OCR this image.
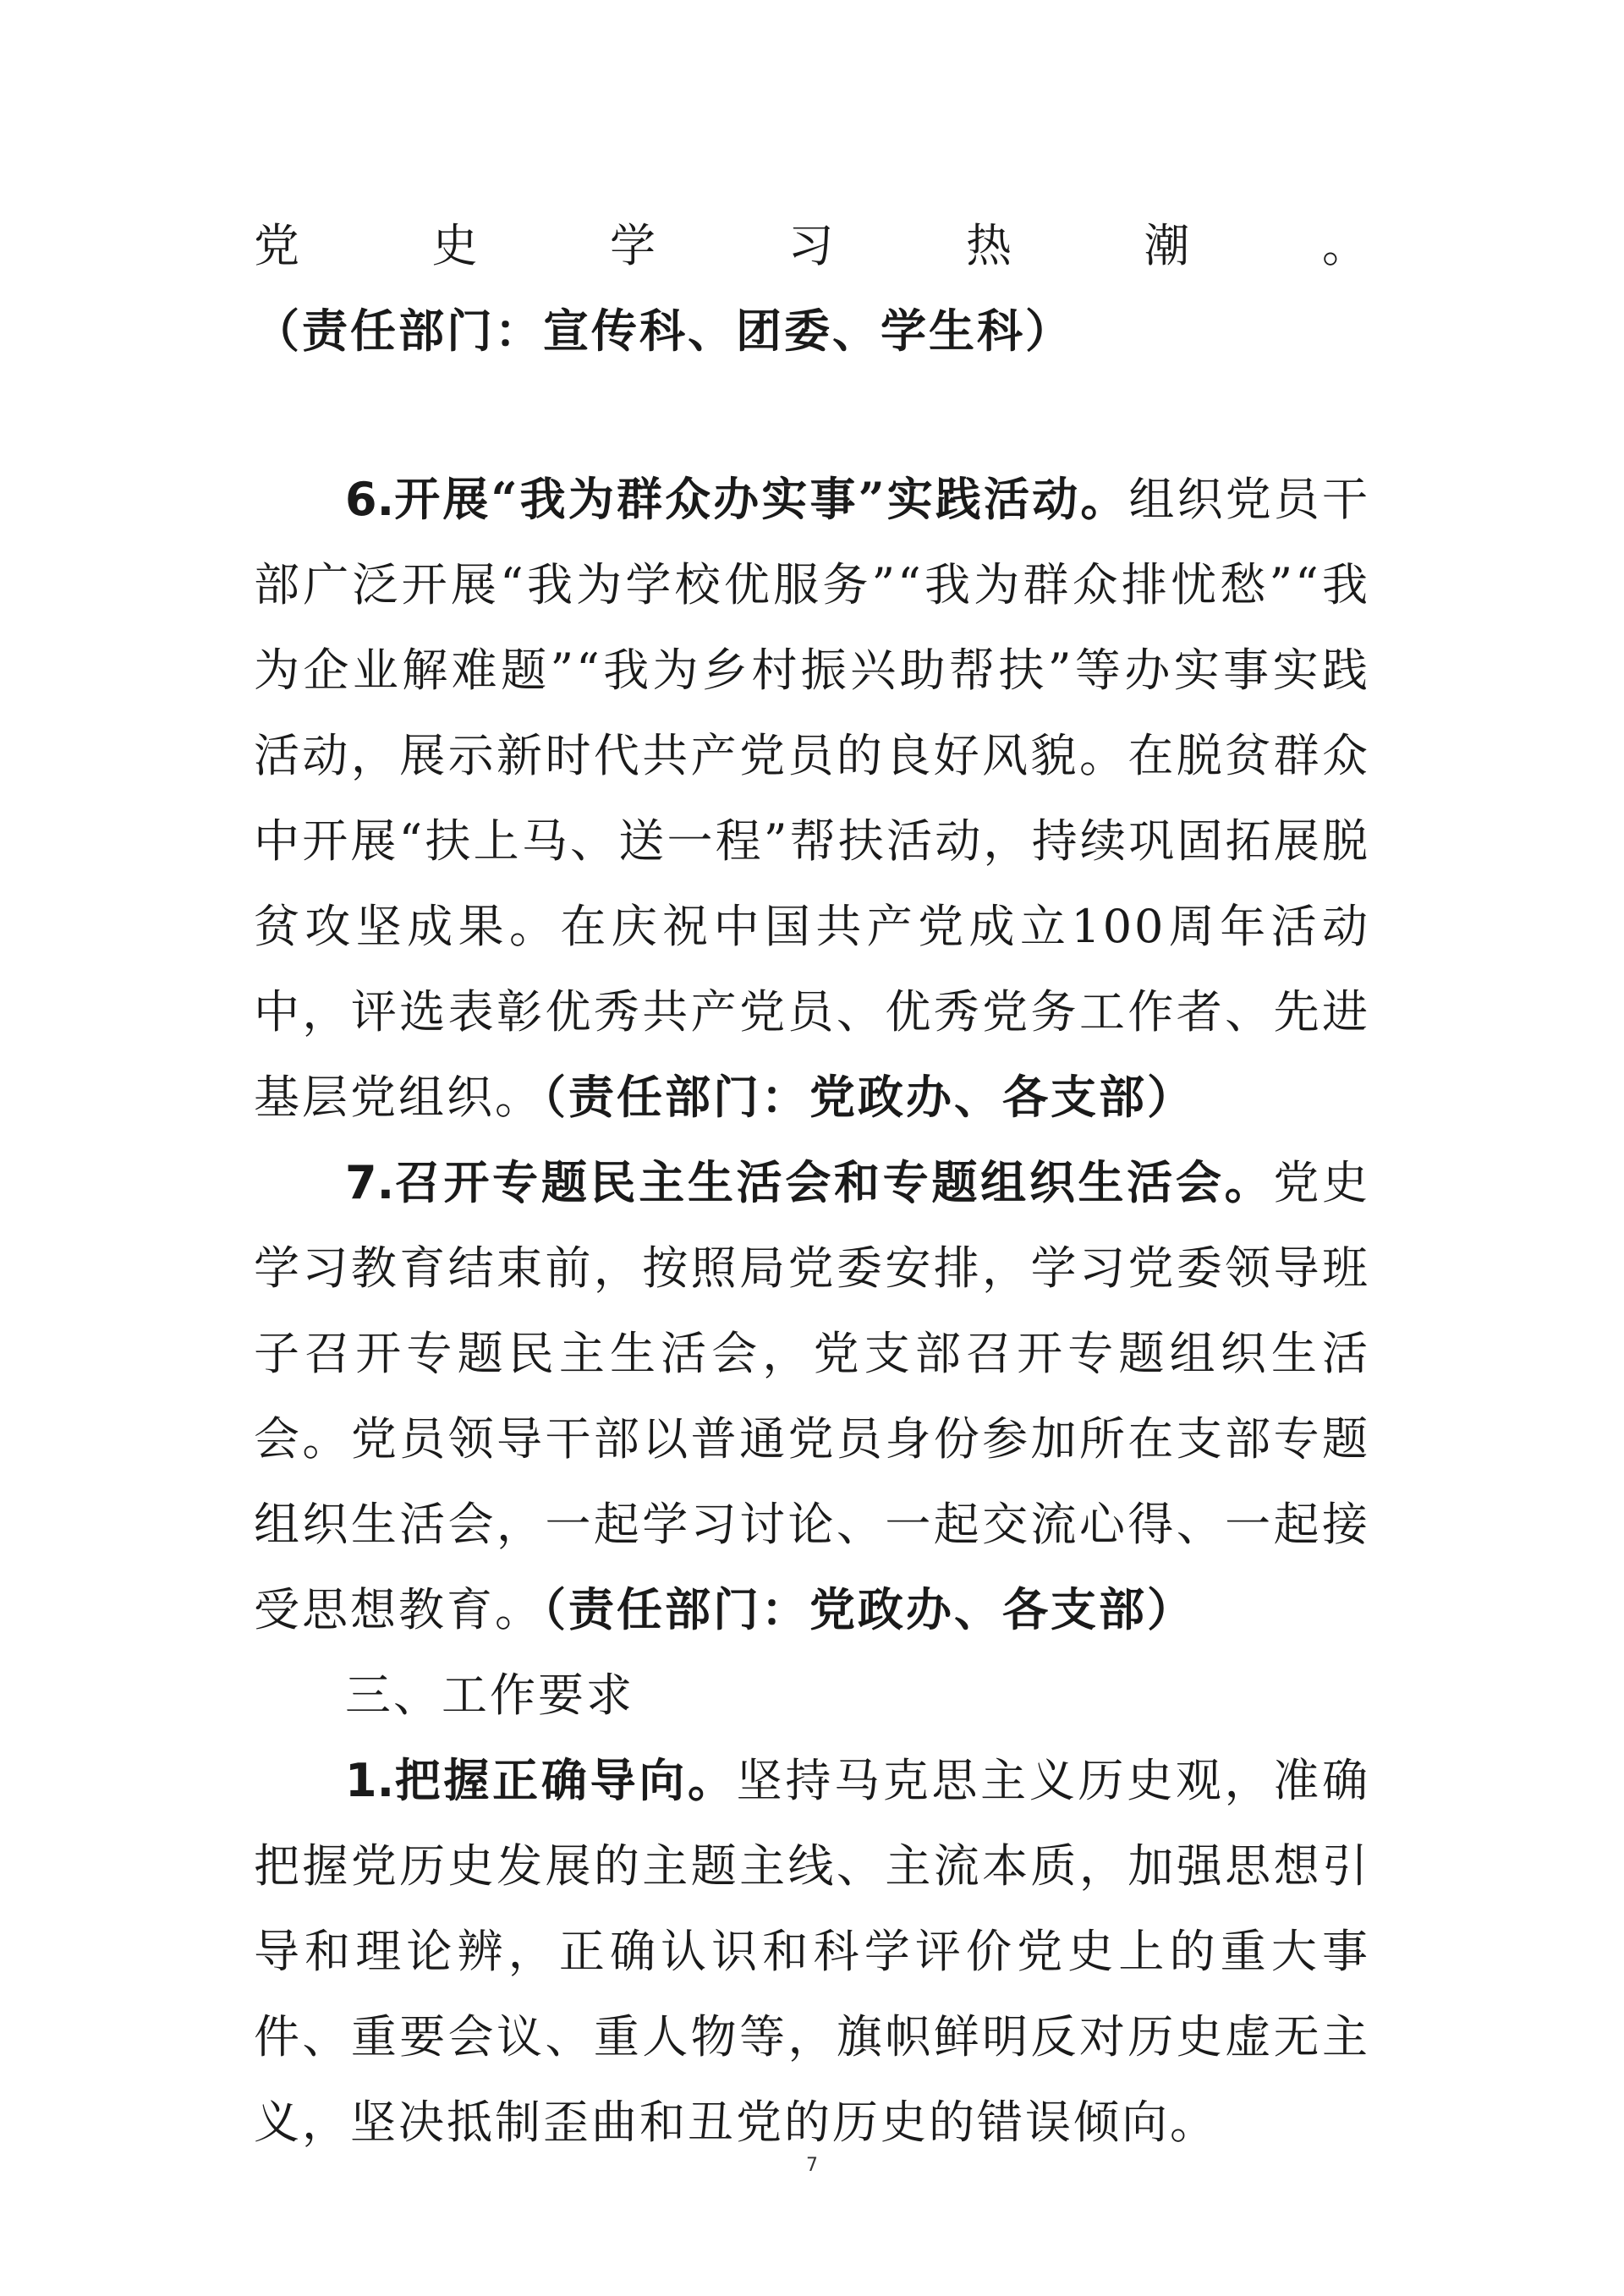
党史学习热潮。（责任部门：宣传科、团委、学生科）

6.开展“我为群众办实事”实践活动。组织党员干部广泛开展“我为学校优服务”“我为群众排忧愁”“我为企业解难题”“我为乡村振兴助帮扶”等办实事实践活动，展示新时代共产党员的良好风貌。在脱贫群众中开展“扶上马、送一程”帮扶活动，持续巩固拓展脱贫攻坚成果。在庆祝中国共产党成立100周年活动中，评选表彰优秀共产党员、优秀党务工作者、先进基层党组织。（责任部门：党政办、各支部）

7.召开专题民主生活会和专题组织生活会。党史学习教育结束前，按照局党委安排，学习党委领导班子召开专题民主生活会，党支部召开专题组织生活会。党员领导干部以普通党员身份参加所在支部专题组织生活会，一起学习讨论、一起交流心得、一起接受思想教育。（责任部门：党政办、各支部）

三、工作要求

1.把握正确导向。坚持马克思主义历史观，准确把握党历史发展的主题主线、主流本质，加强思想引导和理论辨，正确认识和科学评价党史上的重大事件、重要会议、重人物等，旗帜鲜明反对历史虚无主义，坚决抵制歪曲和丑党的历史的错误倾向。

7
